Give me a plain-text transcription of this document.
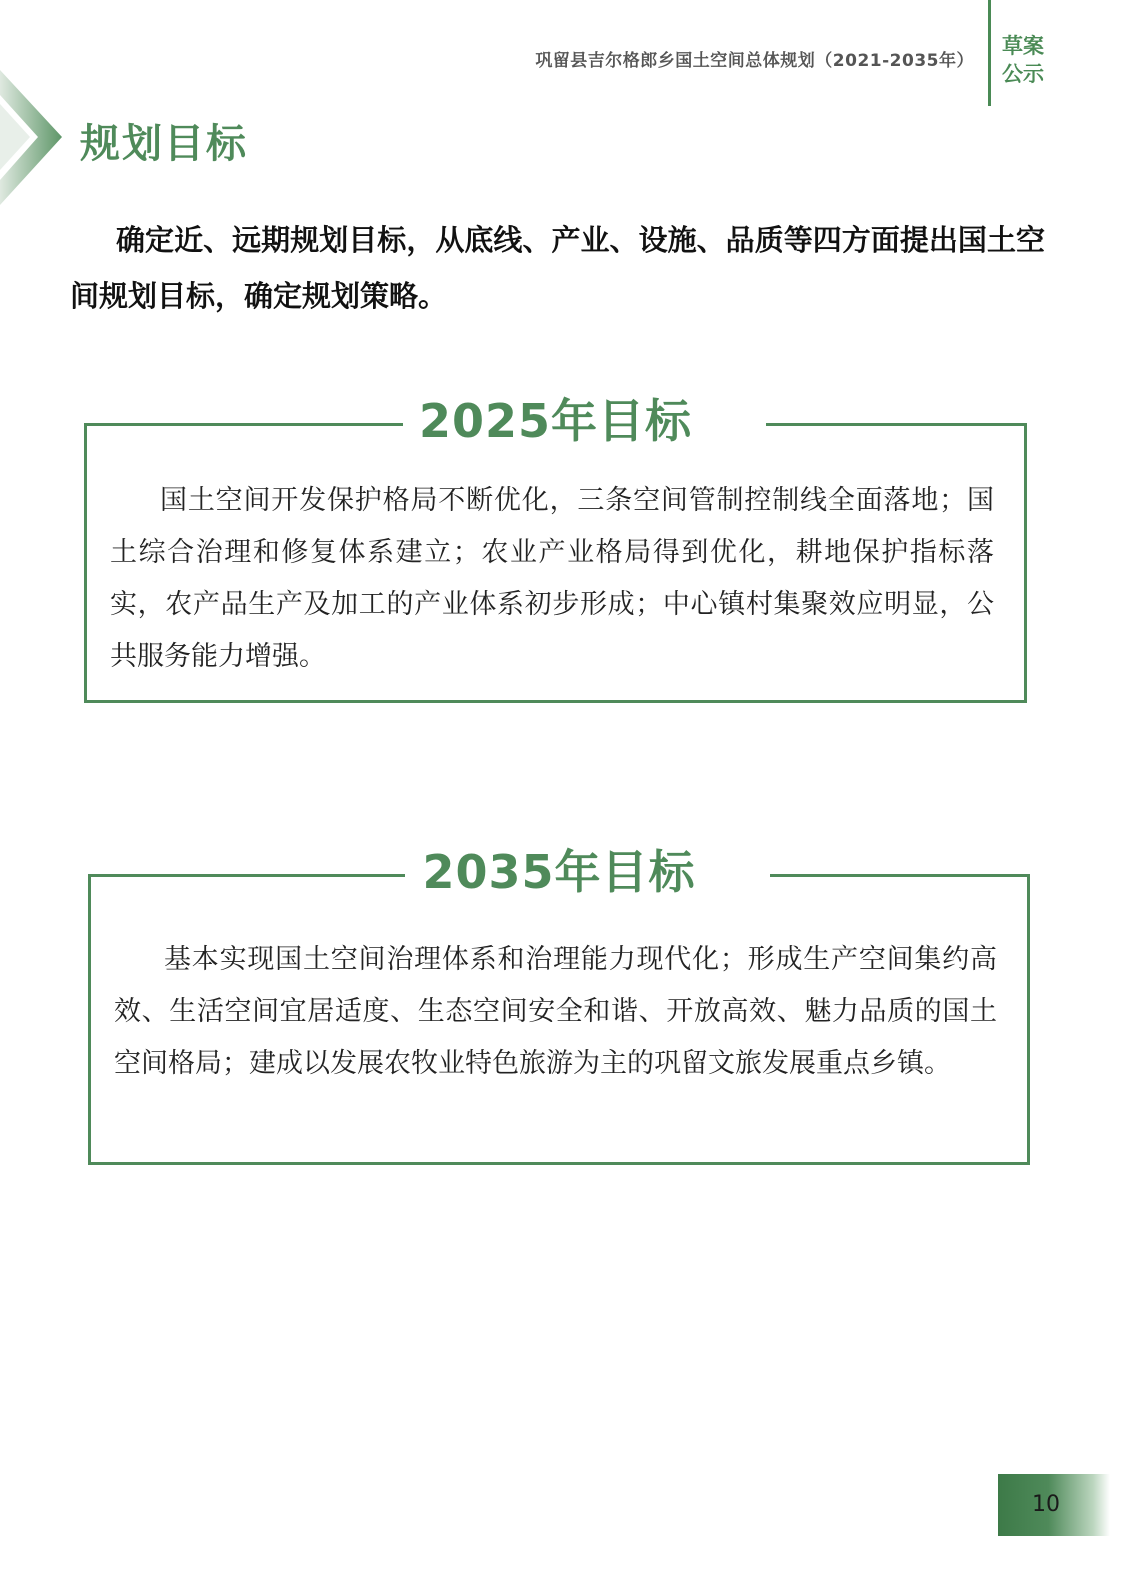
巩留县吉尔格郎乡国土空间总体规划（2021-2035年）
草案
公示
规划目标

确定近、远期规划目标，从底线、产业、设施、品质等四方面提出国土空间规划目标，确定规划策略。

2025年目标

国土空间开发保护格局不断优化，三条空间管制控制线全面落地；国土综合治理和修复体系建立；农业产业格局得到优化，耕地保护指标落实，农产品生产及加工的产业体系初步形成；中心镇村集聚效应明显，公共服务能力增强。

2035年目标

基本实现国土空间治理体系和治理能力现代化；形成生产空间集约高效、生活空间宜居适度、生态空间安全和谐、开放高效、魅力品质的国土空间格局；建成以发展农牧业特色旅游为主的巩留文旅发展重点乡镇。

10
